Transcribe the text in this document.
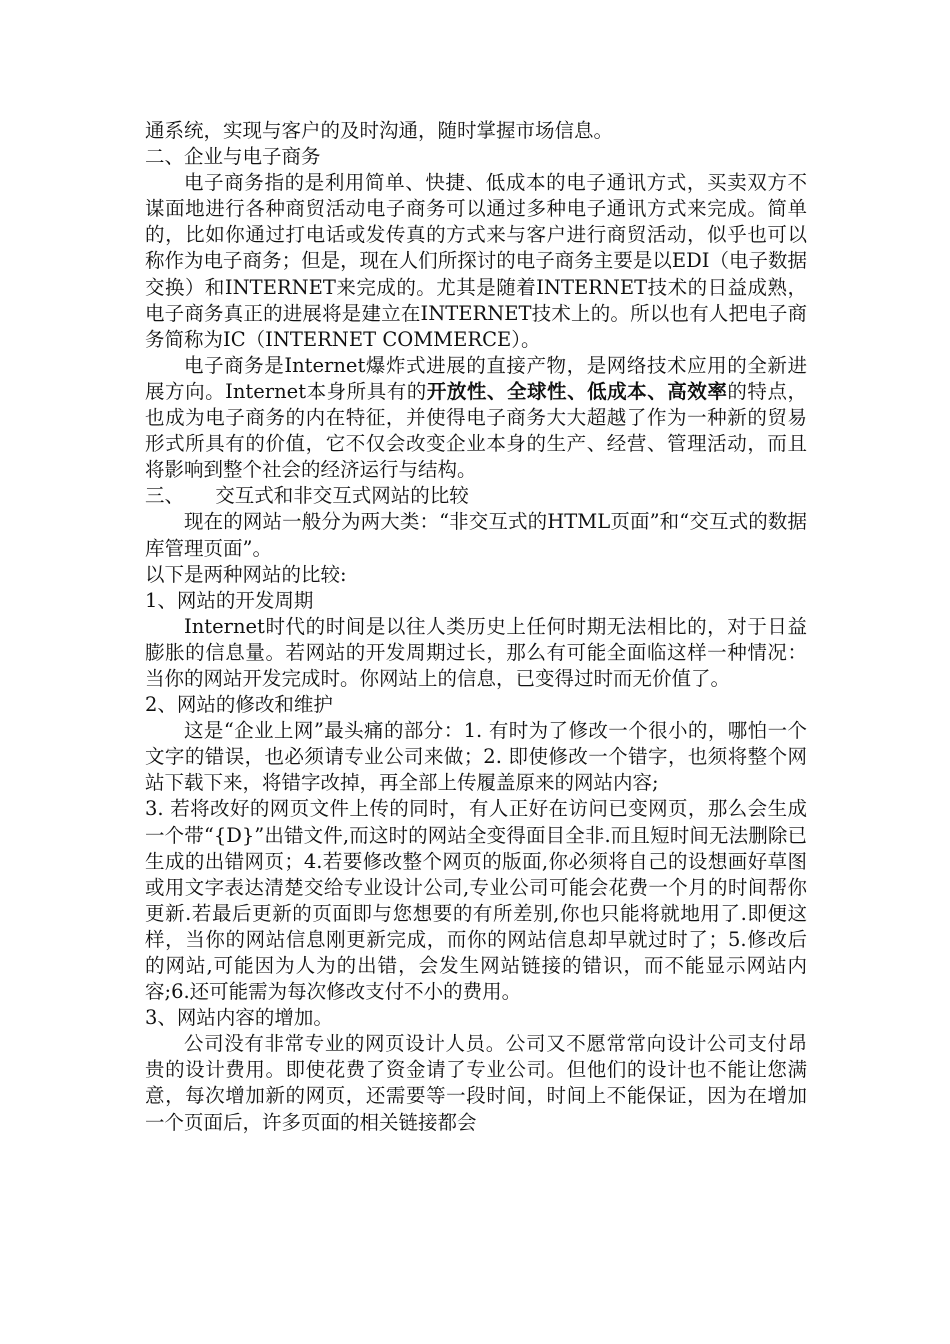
通系统，实现与客户的及时沟通，随时掌握市场信息。

二、企业与电子商务

电子商务指的是利用简单、快捷、低成本的电子通讯方式，买卖双方不谋面地进行各种商贸活动电子商务可以通过多种电子通讯方式来完成。简单的，比如你通过打电话或发传真的方式来与客户进行商贸活动，似乎也可以称作为电子商务；但是，现在人们所探讨的电子商务主要是以EDI（电子数据交换）和INTERNET来完成的。尤其是随着INTERNET技术的日益成熟，电子商务真正的进展将是建立在INTERNET技术上的。所以也有人把电子商务简称为IC（INTERNET COMMERCE）。

电子商务是Internet爆炸式进展的直接产物，是网络技术应用的全新进展方向。Internet本身所具有的开放性、全球性、低成本、高效率的特点，也成为电子商务的内在特征，并使得电子商务大大超越了作为一种新的贸易形式所具有的价值，它不仅会改变企业本身的生产、经营、管理活动，而且将影响到整个社会的经济运行与结构。

三、 交互式和非交互式网站的比较

现在的网站一般分为两大类：“非交互式的HTML页面”和“交互式的数据库管理页面”。

以下是两种网站的比较:

1、网站的开发周期

Internet时代的时间是以往人类历史上任何时期无法相比的，对于日益膨胀的信息量。若网站的开发周期过长，那么有可能全面临这样一种情况：当你的网站开发完成时。你网站上的信息，已变得过时而无价值了。

2、网站的修改和维护

这是“企业上网”最头痛的部分：1. 有时为了修改一个很小的，哪怕一个文字的错误，也必须请专业公司来做；2. 即使修改一个错字，也须将整个网站下载下来，将错字改掉，再全部上传履盖原来的网站内容;

3. 若将改好的网页文件上传的同时，有人正好在访问已变网页，那么会生成一个带“{D}”出错文件,而这时的网站全变得面目全非.而且短时间无法删除已生成的出错网页；4.若要修改整个网页的版面,你必须将自己的设想画好草图或用文字表达清楚交给专业设计公司,专业公司可能会花费一个月的时间帮你更新.若最后更新的页面即与您想要的有所差别,你也只能将就地用了.即便这样，当你的网站信息刚更新完成，而你的网站信息却早就过时了；5.修改后的网站,可能因为人为的出错，会发生网站链接的错识，而不能显示网站内容;6.还可能需为每次修改支付不小的费用。

3、网站内容的增加。

公司没有非常专业的网页设计人员。公司又不愿常常向设计公司支付昂贵的设计费用。即使花费了资金请了专业公司。但他们的设计也不能让您满意，每次增加新的网页，还需要等一段时间，时间上不能保证，因为在增加一个页面后，许多页面的相关链接都会
